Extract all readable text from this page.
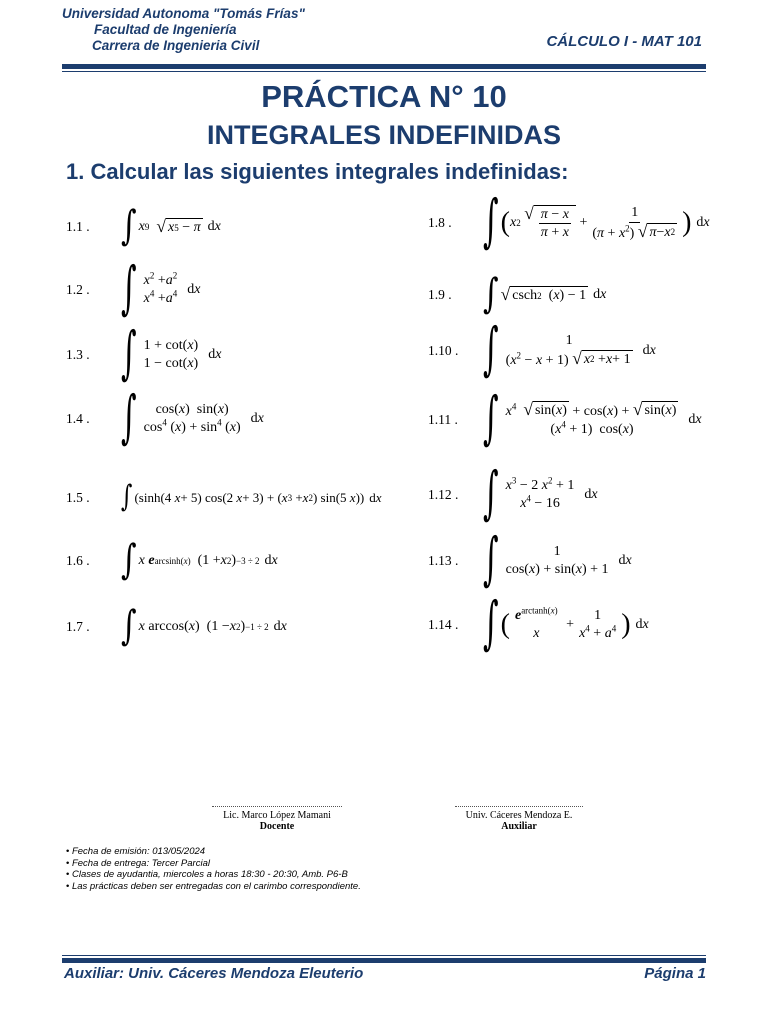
Universidad Autonoma "Tomás Frías"
Facultad de Ingeniería
Carrera de Ingenieria Civil	CÁLCULO I - MAT 101
PRÁCTICA N° 10
INTEGRALES INDEFINIDAS
1. Calcular las siguientes integrales indefinidas:
1.1 .	∫ x 9
√ x 5 − π dx
1.2 .	∫ $x^2 +a^2$
$x^4 +a^4$ dx
1.3 .	∫ 1 + cot(x)
1 − cot(x)
dx
1.4 .	∫ cos(x)  sin(x)
$\cos^4 (x) + \sin^4 (x)$
dx
1.5 .	∫ (sinh(4 x + 5) cos(2 x + 3) + ( x 3 + x 2 ) sin(5 x )) dx
1.6 .	∫ x
e arcsinh(x) (1 + x 2 ) −3 ÷ 2 dx
1.7 .	∫ x arccos( x )  (1 − x 2 ) −1 ÷ 2 dx
1.8 .	∫ ( x 2

√ $\frac{\pi - x}{\pi + x} + \frac{1}{(\pi + x^2) √ \pi - x 2}$ ) dx
1.9 .	∫ √ csch 2 ( x ) − 1 dx
1.10 . ∫	1
$(x^2 - x + 1)$ √ x 2 + x + 1
dx
1.11 . ∫ $x^4$ √ sin( x ) + cos(x) + √ sin( x )
$(x^4 + 1)$  cos(x)
dx
1.12 . ∫ $x^3 - 2$ $x^2 + 1$
$x^4 - 16$
dx
1.13 . ∫	1
cos(x) + sin(x) + 1
dx
1.14 . ∫ ( $e^{arctanh(x)}$
x
+
1
$x^4 + a^4$ ) dx
Lic. Marco López Mamani
Docente
Univ. Cáceres Mendoza E.
Auxiliar
• Fecha de emisión: 013/05/2024
• Fecha de entrega: Tercer Parcial
• Clases de ayudantia, miercoles a horas 18:30 - 20:30, Amb. P6-B
• Las prácticas deben ser entregadas con el carimbo correspondiente.
Auxiliar: Univ. Cáceres Mendoza Eleuterio	Página 1
